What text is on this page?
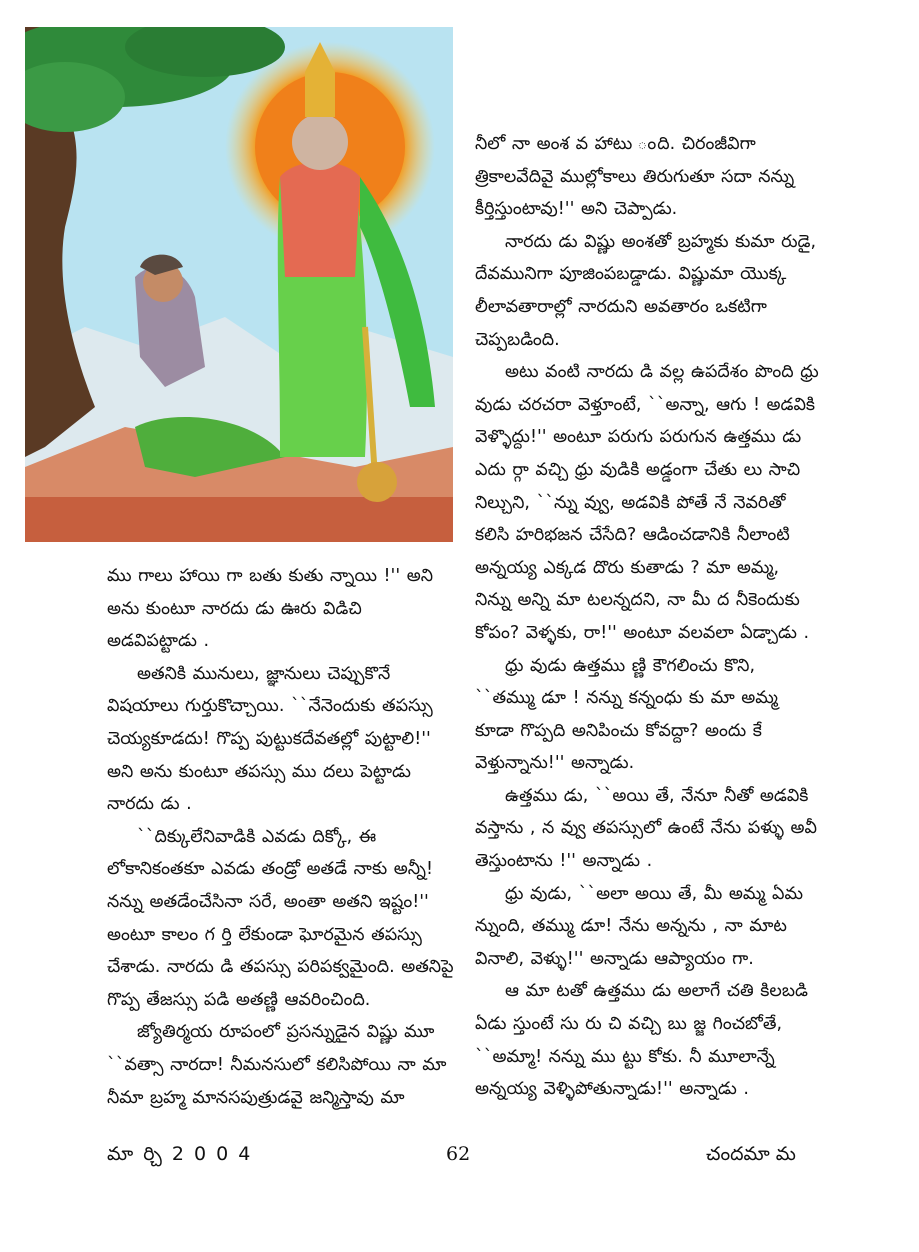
నీలో నా అంశ వ హాటు ంది. చిరంజీవిగా త్రికాలవేదివై ముల్లోకాలు తిరుగుతూ సదా నన్ను కీర్తిస్తుంటావు!'' అని చెప్పాడు.

నారదు డు విష్ణు అంశతో బ్రహ్మకు కుమా రుడై, దేవమునిగా పూజింపబడ్డాడు. విష్ణుమా యొక్క లీలావతారాల్లో నారదుని అవతారం ఒకటిగా చెప్పబడింది.

అటు వంటి నారదు డి వల్ల ఉపదేశం పొంది ధ్రు వుడు చరచరా వెళ్తూంటే, ``అన్నా, ఆగు ! అడవికి వెళ్ళొద్దు!'' అంటూ పరుగు పరుగున ఉత్తము డు ఎదు ర్గా వచ్చి ధ్రు వుడికి అడ్డంగా చేతు లు సాచి నిల్చుని, ``న్ను వ్వు, అడవికి పోతే నే నెవరితో కలిసి హరిభజన చేసేది? ఆడించడానికి నీలాంటి అన్నయ్య ఎక్కడ దొరు కుతాడు ? మా అమ్మ, నిన్ను అన్ని మా టలన్నదని, నా మీ ద నీకెందుకు కోపం? వెళ్ళకు, రా!'' అంటూ వలవలా ఏడ్చాడు .

ధ్రు వుడు ఉత్తము ణ్ణి కౌగలించు కొని, ``తమ్ము డూ ! నన్ను కన్నంధు కు మా అమ్మ కూడా గొప్పది అనిపించు కోవద్దా? అందు కే వెళ్తున్నాను!'' అన్నాడు.

ఉత్తము డు, ``అయి తే, నేనూ నీతో అడవికి వస్తాను , న వ్వు తపస్సులో ఉంటే నేను పళ్ళు అవీ తెస్తుంటాను !'' అన్నాడు .

ధ్రు వుడు, ``అలా అయి తే, మీ అమ్మ ఏమ న్నుంది, తమ్ము డూ! నేను అన్నను , నా మాట వినాలి, వెళ్ళు!'' అన్నాడు ఆప్యాయం గా.

ఆ మా టతో ఉత్తము డు అలాగే చతి కిలబడి ఏడు స్తుంటే సు రు చి వచ్చి బు జ్జ గించబోతే, ``అమ్మా! నన్ను ము ట్టు కోకు. నీ మూలాన్నే అన్నయ్య వెళ్ళిపోతున్నాడు!'' అన్నాడు .

ము గాలు హాయి గా బతు కుతు న్నాయి !'' అని అను కుంటూ నారదు డు ఊరు విడిచి అడవిపట్టాడు .

అతనికి మునులు, జ్ఞానులు చెప్పుకొనే విషయాలు గుర్తుకొచ్చాయి. ``నేనెందుకు తపస్సు చెయ్యకూడదు! గొప్ప పుట్టుకదేవతల్లో పుట్టాలి!'' అని అను కుంటూ తపస్సు ము దలు పెట్టాడు నారదు డు .

``దిక్కులేనివాడికి ఎవడు దిక్కో, ఈ లోకానికంతకూ ఎవడు తండ్రో అతడే నాకు అన్నీ! నన్ను అతడేంచేసినా సరే, అంతా అతని ఇష్టం!'' అంటూ కాలం గ ర్తి లేకుండా ఘోరమైన తపస్సు చేశాడు. నారదు డి తపస్సు పరిపక్వమైంది. అతనిపై గొప్ప తేజస్సు పడి అతణ్ణి ఆవరించింది.

జ్యోతిర్మయ రూపంలో ప్రసన్నుడైన విష్ణు మూ ``వత్సా నారదా! నీమనసులో కలిసిపోయి నా మా నీమా బ్రహ్మ మానసపుత్రుడవై జన్మిస్తావు మా

మా ర్చి 2 0 0 4	62	చందమా మ
